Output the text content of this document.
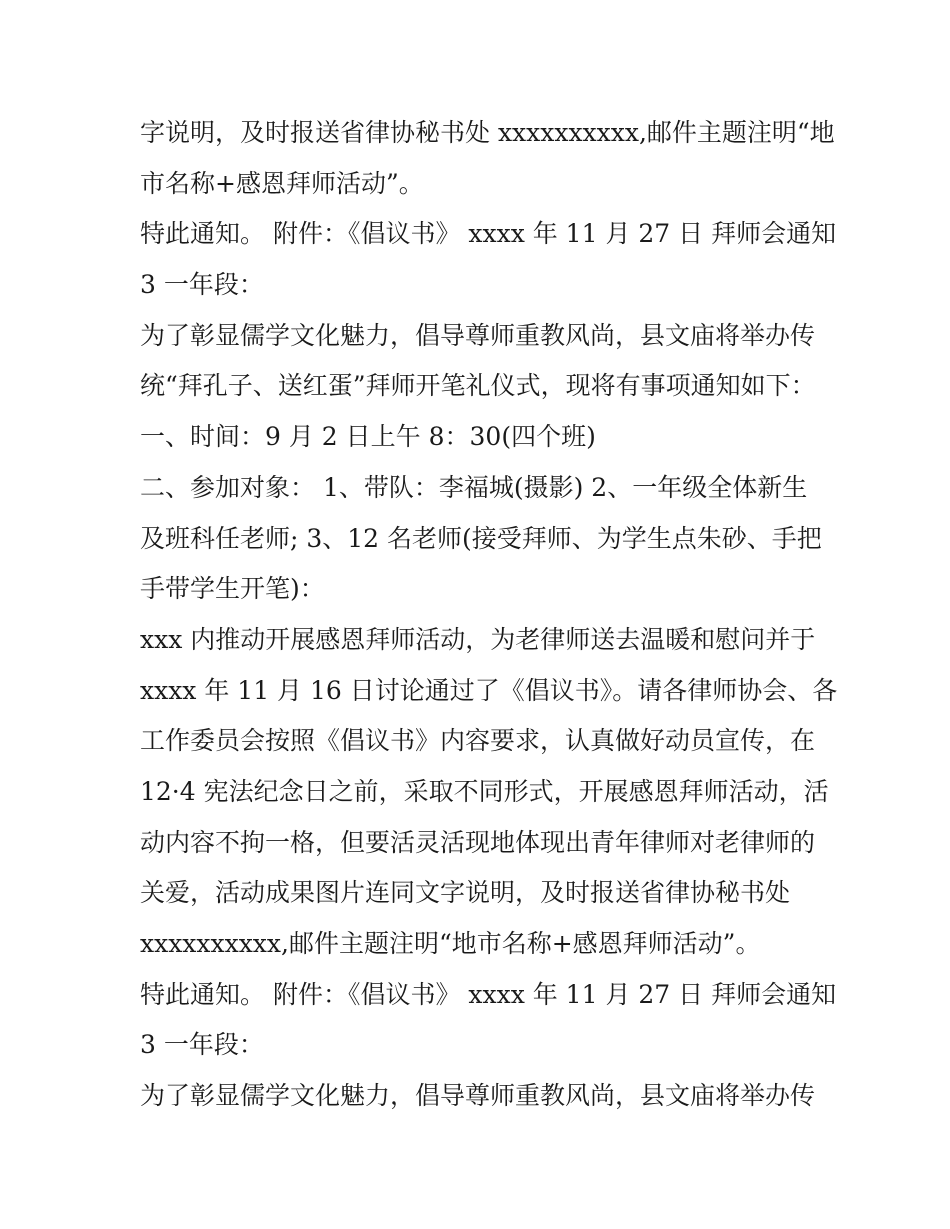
字说明，及时报送省律协秘书处 xxxxxxxxxx,邮件主题注明“地
市名称+感恩拜师活动”。
特此通知。 附件：《倡议书》 xxxx 年 11 月 27 日 拜师会通知
3 一年段：
为了彰显儒学文化魅力，倡导尊师重教风尚，县文庙将举办传
统“拜孔子、送红蛋”拜师开笔礼仪式，现将有事项通知如下：
一、时间：9 月 2 日上午 8：30(四个班)
二、参加对象： 1、带队：李福城(摄影) 2、一年级全体新生
及班科任老师; 3、12 名老师(接受拜师、为学生点朱砂、手把
手带学生开笔)：
xxx 内推动开展感恩拜师活动，为老律师送去温暖和慰问并于
xxxx 年 11 月 16 日讨论通过了《倡议书》。请各律师协会、各
工作委员会按照《倡议书》内容要求，认真做好动员宣传，在
12·4 宪法纪念日之前，采取不同形式，开展感恩拜师活动，活
动内容不拘一格，但要活灵活现地体现出青年律师对老律师的
关爱，活动成果图片连同文字说明，及时报送省律协秘书处
xxxxxxxxxx,邮件主题注明“地市名称+感恩拜师活动”。
特此通知。 附件：《倡议书》 xxxx 年 11 月 27 日 拜师会通知
3 一年段：
为了彰显儒学文化魅力，倡导尊师重教风尚，县文庙将举办传
